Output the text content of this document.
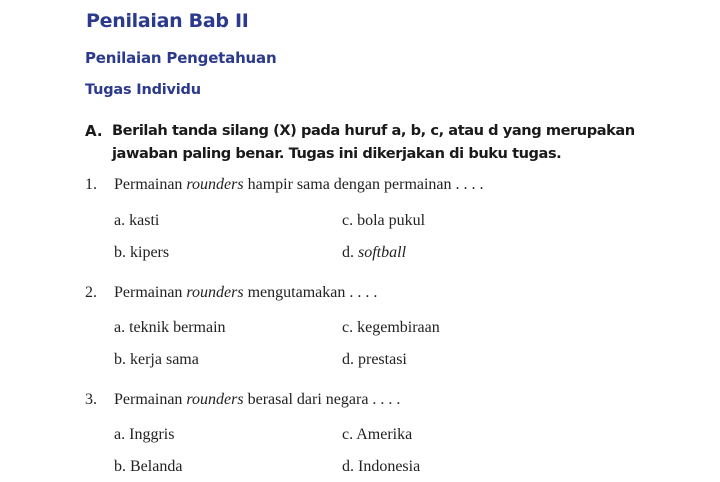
Penilaian Bab II
Penilaian Pengetahuan
Tugas Individu
A. Berilah tanda silang (X) pada huruf a, b, c, atau d yang merupakan
jawaban paling benar. Tugas ini dikerjakan di buku tugas.
1. Permainan rounders hampir sama dengan permainan . . . .
a. kasti
b. kipers
c. bola pukul
d. softball
2. Permainan rounders mengutamakan . . . .
a. teknik bermain
b. kerja sama
c. kegembiraan
d. prestasi
3. Permainan rounders berasal dari negara . . . .
a. Inggris
b. Belanda
c. Amerika
d. Indonesia
